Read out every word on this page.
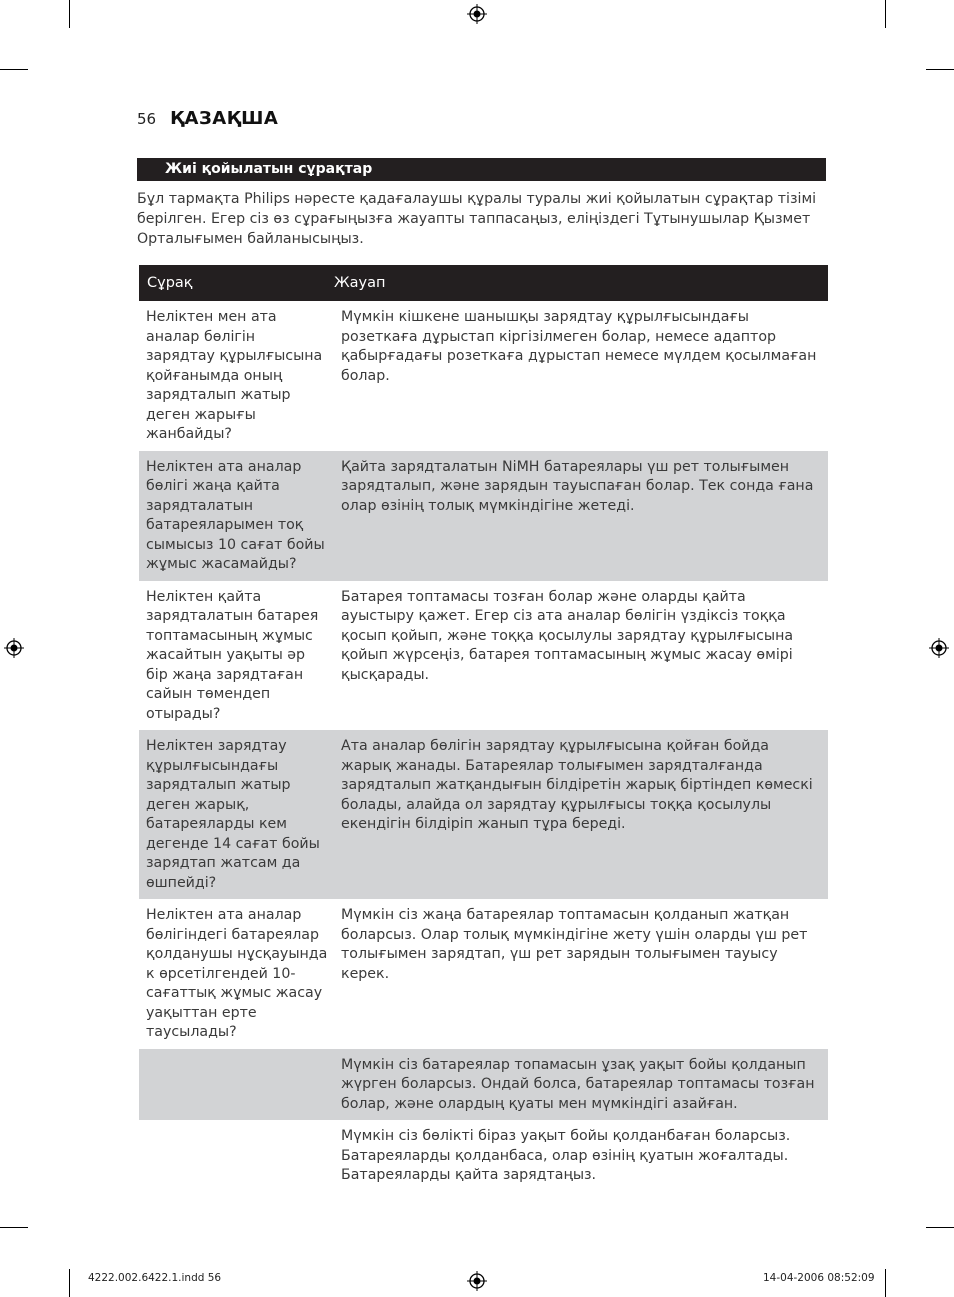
56 ҚАЗАҚША
Жиі қойылатын сұрақтар

Бұл тармақта Philips нәресте қадағалаушы құралы туралы жиі қойылатын сұрақтар тізімі берілген. Егер сіз өз сұрағыңызға жауапты таппасаңыз, еліңіздегі Тұтынушылар Қызмет Орталығымен байланысыңыз.

Сұрақ	Жауап
Неліктен мен ата аналар бөлігін зарядтау құрылғысына қойғанымда оның зарядталып жатыр деген жарығы жанбайды?
Мүмкін кішкене шанышқы зарядтау құрылғысындағы розеткаға дұрыстап кіргізілмеген болар, немесе адаптор қабырғадағы розеткаға дұрыстап немесе мүлдем қосылмаған болар.
Неліктен ата аналар бөлігі жаңа қайта зарядталатын батареяларымен тоқ сымысыз 10 сағат бойы жұмыс жасамайды?
Қайта зарядталатын NiMH батареялары үш рет толығымен зарядталып, және зарядын тауыспаған болар. Тек сонда ғана олар өзінің толық мүмкіндігіне жетеді.
Неліктен қайта зарядталатын батарея топтамасының жұмыс жасайтын уақыты әр бір жаңа зарядтаған сайын төмендеп отырады?
Батарея топтамасы тозған болар және оларды қайта ауыстыру қажет. Егер сіз ата аналар бөлігін үздіксіз тоққа қосып қойып, және тоққа қосылулы зарядтау құрылғысына қойып жүрсеңіз, батарея топтамасының жұмыс жасау өмірі қысқарады.
Неліктен зарядтау құрылғысындағы зарядталып жатыр деген жарық, батареяларды кем дегенде 14 сағат бойы зарядтап жатсам да өшпейді?
Ата аналар бөлігін зарядтау құрылғысына қойған бойда жарық жанады. Батареялар толығымен зарядталғанда зарядталып жатқандығын білдіретін жарық біртіндеп көмескі болады, алайда ол зарядтау құрылғысы тоққа қосылулы екендігін білдіріп жанып тұра береді.
Неліктен ата аналар бөлігіндегі батареялар қолданушы нұсқауында к өрсетілгендей 10-сағаттық жұмыс жасау уақыттан ерте таусылады?
Мүмкін сіз жаңа батареялар топтамасын қолданып жатқан боларсыз. Олар толық мүмкіндігіне жету үшін оларды үш рет толығымен зарядтап, үш рет зарядын толығымен тауысу керек.
Мүмкін сіз батареялар топамасын ұзақ уақыт бойы қолданып жүрген боларсыз. Ондай болса, батареялар топтамасы тозған болар, және олардың қуаты мен мүмкіндігі азайған.
Мүмкін сіз бөлікті біраз уақыт бойы қолданбаған боларсыз. Батареяларды қолданбаса, олар өзінің қуатын жоғалтады. Батареяларды қайта зарядтаңыз.
4222.002.6422.1.indd 56	14-04-2006 08:52:09
